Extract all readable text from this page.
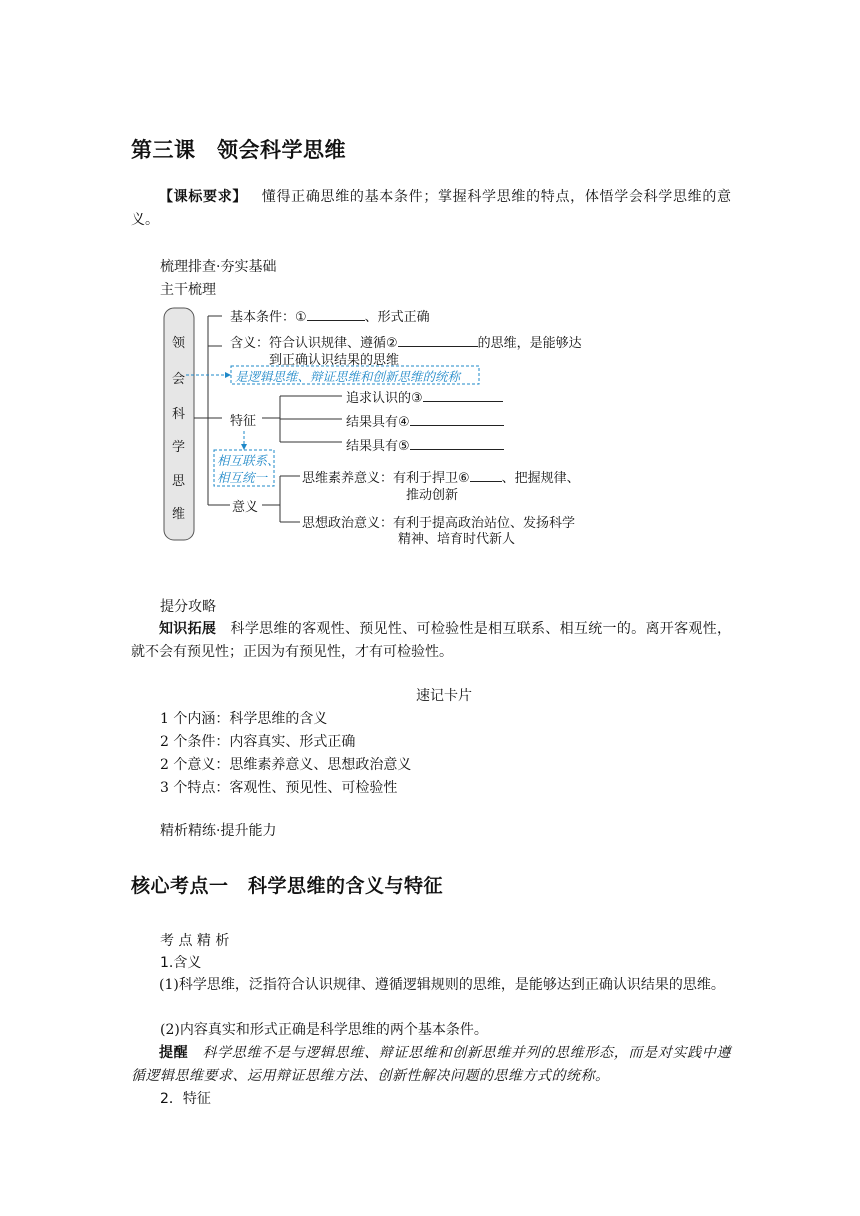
第三课　领会科学思维
【课标要求】 懂得正确思维的基本条件；掌握科学思维的特点，体悟学会科学思维的意义。
梳理排查·夯实基础
主干梳理
领
会
科
学
思
维
基本条件：①	、形式正确
含义：符合认识规律、遵循②	的思维，是能够达
到正确认识结果的思维
是逻辑思维、辩证思维和创新思维的统称
特征
追求认识的③
结果具有④
结果具有⑤
相互联系、
相互统一
意义
思维素养意义：有利于捍卫⑥ 、把握规律、
推动创新
思想政治意义：有利于提高政治站位、发扬科学
精神、培育时代新人
提分攻略
知识拓展 科学思维的客观性、预见性、可检验性是相互联系、相互统一的。离开客观性，就不会有预见性；正因为有预见性，才有可检验性。
速记卡片
1 个内涵：科学思维的含义
2 个条件：内容真实、形式正确
2 个意义：思维素养意义、思想政治意义
3 个特点：客观性、预见性、可检验性
精析精练·提升能力
核心考点一　科学思维的含义与特征
考 点 精 析
1.含义
(1)科学思维，泛指符合认识规律、遵循逻辑规则的思维，是能够达到正确认识结果的思维。
(2)内容真实和形式正确是科学思维的两个基本条件。
提醒 科学思维不是与逻辑思维、辩证思维和创新思维并列的思维形态，而是对实践中遵循逻辑思维要求、运用辩证思维方法、创新性解决问题的思维方式的统称。
2．特征
